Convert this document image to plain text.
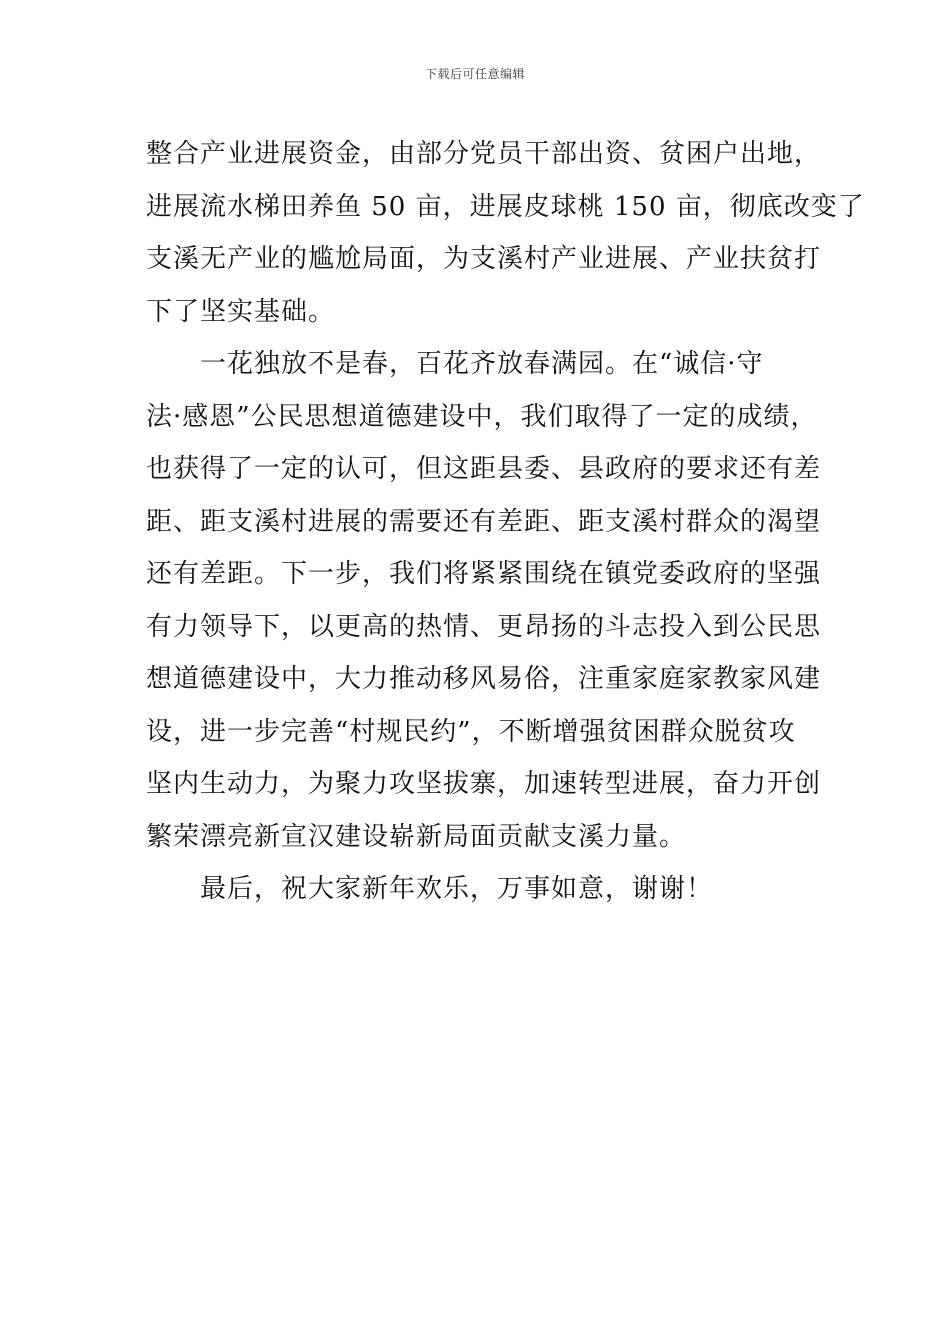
下载后可任意编辑
整合产业进展资金，由部分党员干部出资、贫困户出地，
进展流水梯田养鱼 50 亩，进展皮球桃 150 亩，彻底改变了
支溪无产业的尴尬局面，为支溪村产业进展、产业扶贫打
下了坚实基础。
一花独放不是春，百花齐放春满园。在“诚信·守
法·感恩”公民思想道德建设中，我们取得了一定的成绩，
也获得了一定的认可，但这距县委、县政府的要求还有差
距、距支溪村进展的需要还有差距、距支溪村群众的渴望
还有差距。下一步，我们将紧紧围绕在镇党委政府的坚强
有力领导下，以更高的热情、更昂扬的斗志投入到公民思
想道德建设中，大力推动移风易俗，注重家庭家教家风建
设，进一步完善“村规民约”，不断增强贫困群众脱贫攻
坚内生动力，为聚力攻坚拔寨，加速转型进展，奋力开创
繁荣漂亮新宣汉建设崭新局面贡献支溪力量。
最后，祝大家新年欢乐，万事如意，谢谢！
